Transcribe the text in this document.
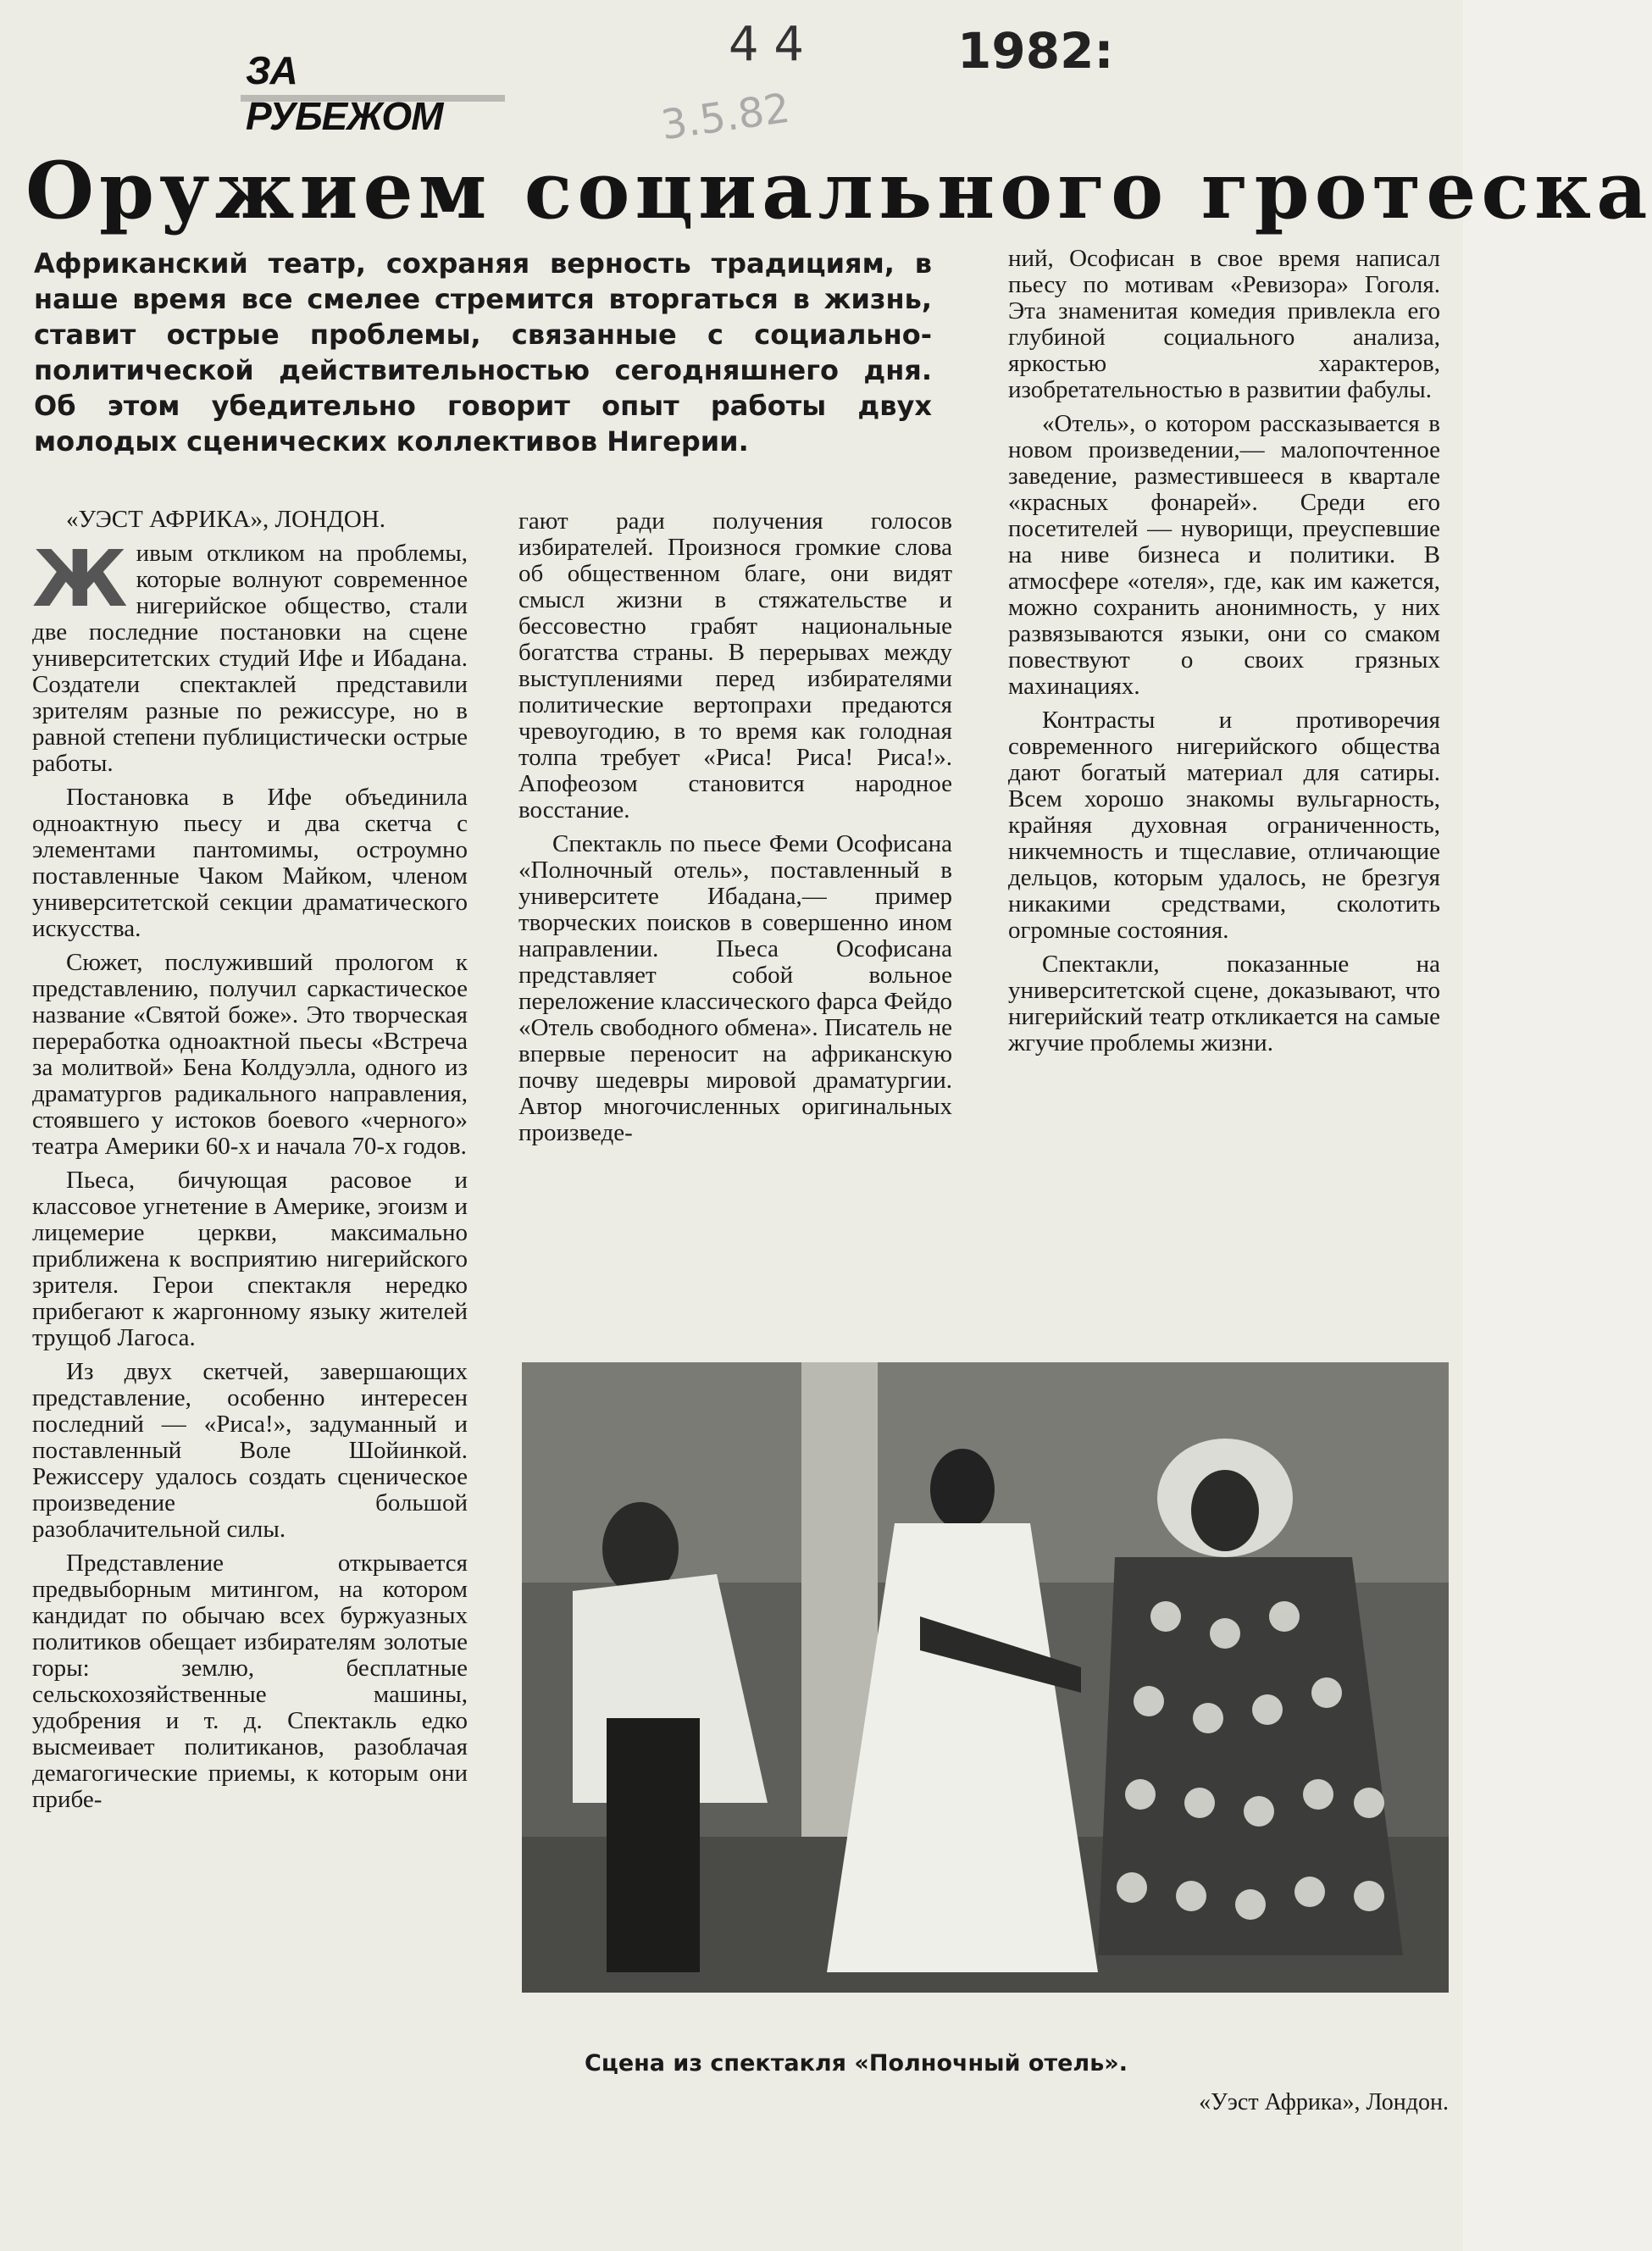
ЗА РУБЕЖОМ
4 4	1982:
3.5.82
Оружием социального гротеска
Африканский театр, сохраняя верность традициям, в наше время все смелее стремится вторгаться в жизнь, ставит острые проблемы, связанные с социально-политической действительностью сегодняшнего дня. Об этом убедительно говорит опыт работы двух молодых сценических коллективов Нигерии.

«УЭСТ АФРИКА», ЛОНДОН.

Живым откликом на проблемы, которые волнуют современное нигерийское общество, стали две последние постановки на сцене университетских студий Ифе и Ибадана. Создатели спектаклей представили зрителям разные по режиссуре, но в равной степени публицистически острые работы.

Постановка в Ифе объединила одноактную пьесу и два скетча с элементами пантомимы, остроумно поставленные Чаком Майком, членом университетской секции драматического искусства.

Сюжет, послуживший прологом к представлению, получил саркастическое название «Святой боже». Это творческая переработка одноактной пьесы «Встреча за молитвой» Бена Колдуэлла, одного из драматургов радикального направления, стоявшего у истоков боевого «черного» театра Америки 60-х и начала 70-х годов.

Пьеса, бичующая расовое и классовое угнетение в Америке, эгоизм и лицемерие церкви, максимально приближена к восприятию нигерийского зрителя. Герои спектакля нередко прибегают к жаргонному языку жителей трущоб Лагоса.

Из двух скетчей, завершающих представление, особенно интересен последний — «Риса!», задуманный и поставленный Воле Шойинкой. Режиссеру удалось создать сценическое произведение большой разоблачительной силы.

Представление открывается предвыборным митингом, на котором кандидат по обычаю всех буржуазных политиков обещает избирателям золотые горы: землю, бесплатные сельскохозяйственные машины, удобрения и т. д. Спектакль едко высмеивает политиканов, разоблачая демагогические приемы, к которым они прибе-

гают ради получения голосов избирателей. Произнося громкие слова об общественном благе, они видят смысл жизни в стяжательстве и бессовестно грабят национальные богатства страны. В перерывах между выступлениями перед избирателями политические вертопрахи предаются чревоугодию, в то время как голодная толпа требует «Риса! Риса! Риса!». Апофеозом становится народное восстание.

Спектакль по пьесе Феми Ософисана «Полночный отель», поставленный в университете Ибадана,— пример творческих поисков в совершенно ином направлении. Пьеса Ософисана представляет собой вольное переложение классического фарса Фейдо «Отель свободного обмена». Писатель не впервые переносит на африканскую почву шедевры мировой драматургии. Автор многочисленных оригинальных произведе-

ний, Ософисан в свое время написал пьесу по мотивам «Ревизора» Гоголя. Эта знаменитая комедия привлекла его глубиной социального анализа, яркостью характеров, изобретательностью в развитии фабулы.

«Отель», о котором рассказывается в новом произведении,— малопочтенное заведение, разместившееся в квартале «красных фонарей». Среди его посетителей — нуворищи, преуспевшие на ниве бизнеса и политики. В атмосфере «отеля», где, как им кажется, можно сохранить анонимность, у них развязываются языки, они со смаком повествуют о своих грязных махинациях.

Контрасты и противоречия современного нигерийского общества дают богатый материал для сатиры. Всем хорошо знакомы вульгарность, крайняя духовная ограниченность, никчемность и тщеславие, отличающие дельцов, которым удалось, не брезгуя никакими средствами, сколотить огромные состояния.

Спектакли, показанные на университетской сцене, доказывают, что нигерийский театр откликается на самые жгучие проблемы жизни.

Сцена из спектакля «Полночный отель».
«Уэст Африка», Лондон.
